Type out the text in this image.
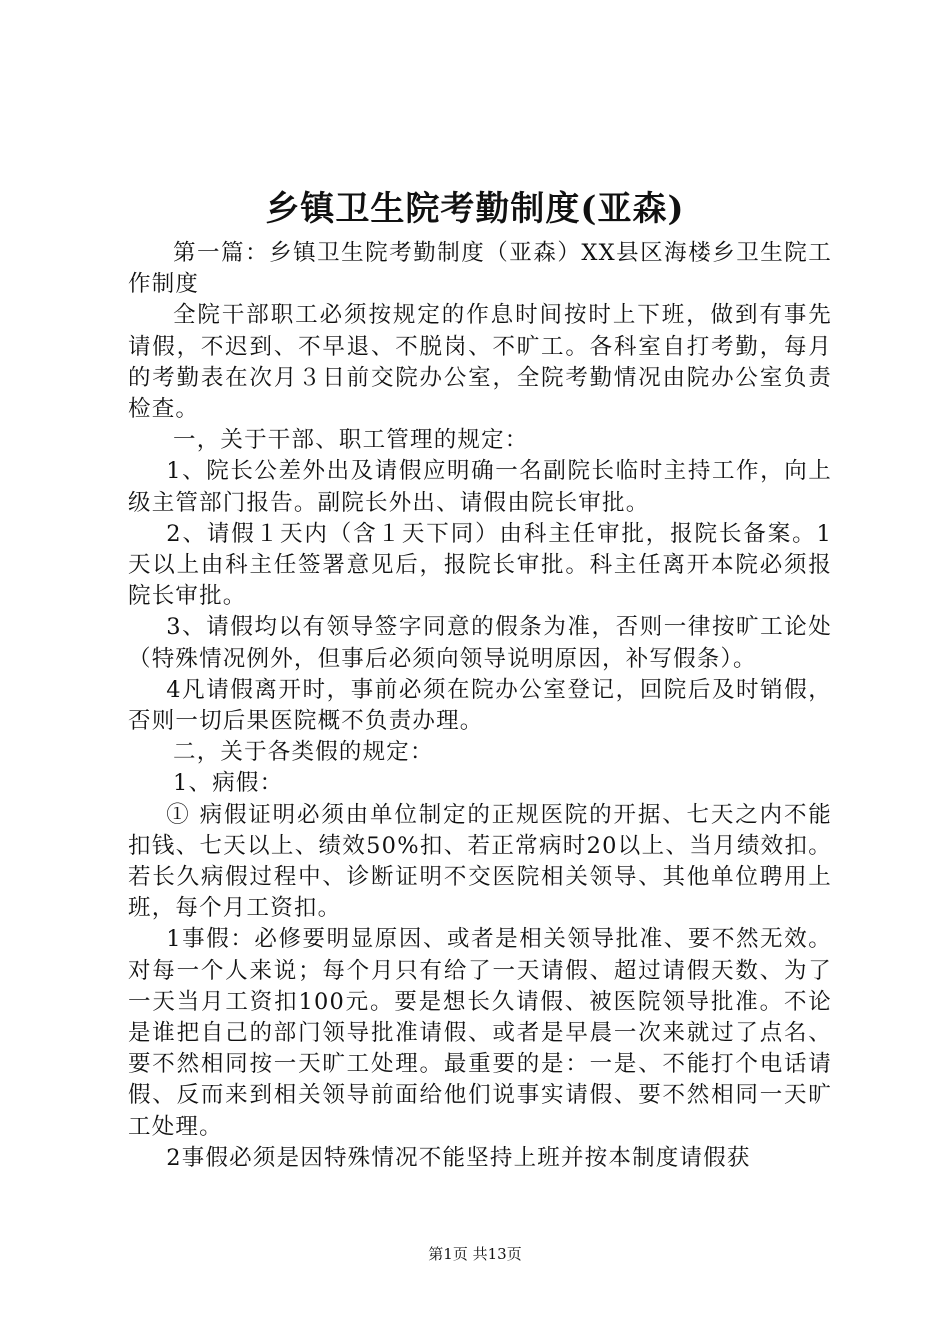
乡镇卫生院考勤制度(亚森)

第一篇：乡镇卫生院考勤制度（亚森）XX县区海楼乡卫生院工作制度

全院干部职工必须按规定的作息时间按时上下班，做到有事先请假，不迟到、不早退、不脱岗、不旷工。各科室自打考勤，每月的考勤表在次月３日前交院办公室，全院考勤情况由院办公室负责检查。

一，关于干部、职工管理的规定：

1、院长公差外出及请假应明确一名副院长临时主持工作，向上级主管部门报告。副院长外出、请假由院长审批。

2、请假１天内（含１天下同）由科主任审批，报院长备案。1天以上由科主任签署意见后，报院长审批。科主任离开本院必须报院长审批。

3、请假均以有领导签字同意的假条为准，否则一律按旷工论处（特殊情况例外，但事后必须向领导说明原因，补写假条）。

4凡请假离开时，事前必须在院办公室登记，回院后及时销假，否则一切后果医院概不负责办理。

二，关于各类假的规定：

1、病假：

① 病假证明必须由单位制定的正规医院的开据、七天之内不能扣钱、七天以上、绩效50%扣、若正常病时20以上、当月绩效扣。若长久病假过程中、诊断证明不交医院相关领导、其他单位聘用上班，每个月工资扣。

1事假：必修要明显原因、或者是相关领导批准、要不然无效。对每一个人来说；每个月只有给了一天请假、超过请假天数、为了一天当月工资扣100元。要是想长久请假、被医院领导批准。不论是谁把自己的部门领导批准请假、或者是早晨一次来就过了点名、要不然相同按一天旷工处理。最重要的是：一是、不能打个电话请假、反而来到相关领导前面给他们说事实请假、要不然相同一天旷工处理。

2事假必须是因特殊情况不能坚持上班并按本制度请假获

第1页 共13页
